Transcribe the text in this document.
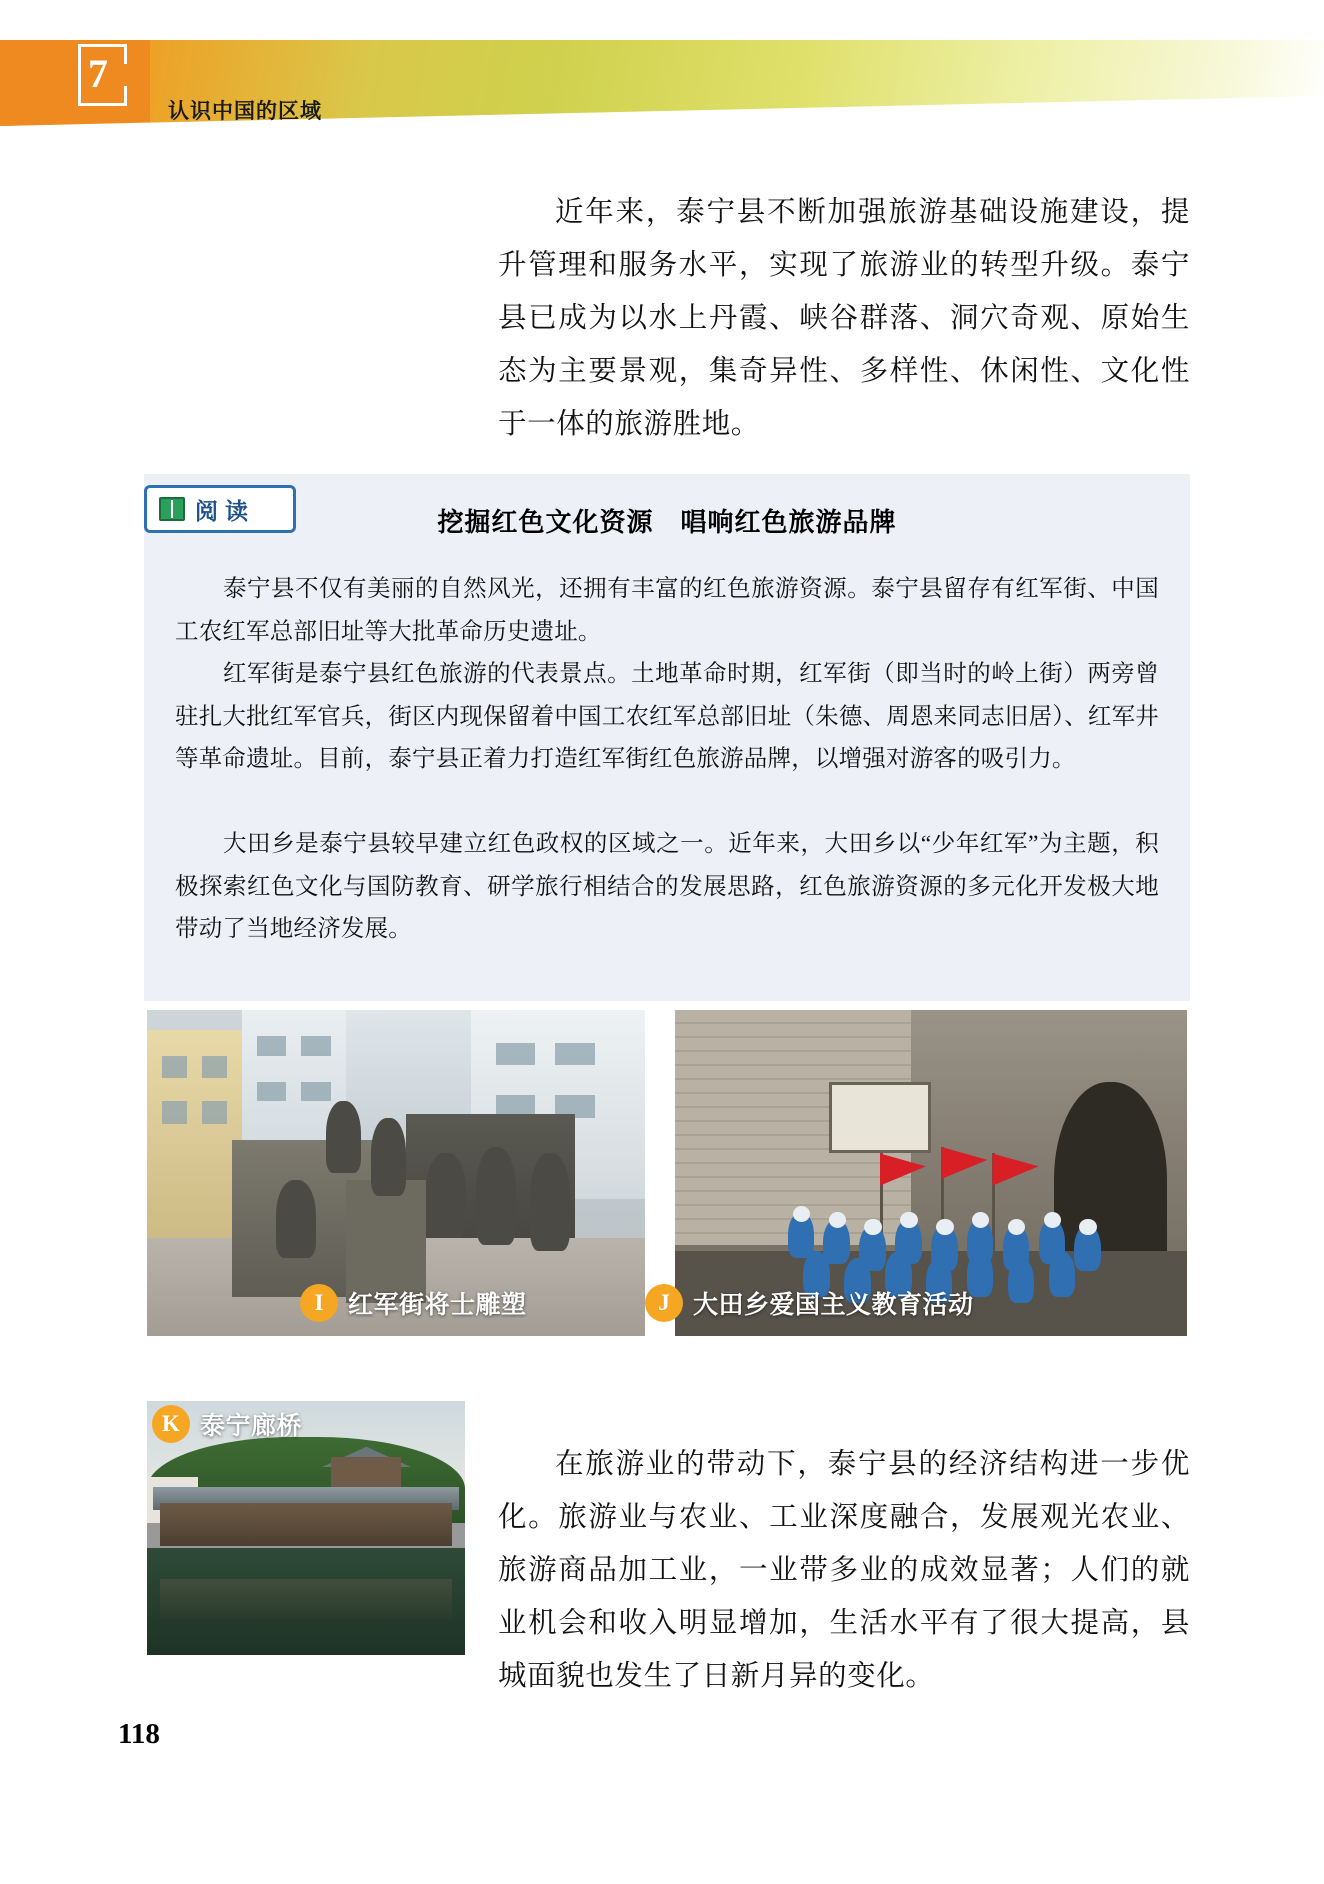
7
认识中国的区域
近年来，泰宁县不断加强旅游基础设施建设，提升管理和服务水平，实现了旅游业的转型升级。泰宁县已成为以水上丹霞、峡谷群落、洞穴奇观、原始生态为主要景观，集奇异性、多样性、休闲性、文化性于一体的旅游胜地。
阅读	挖掘红色文化资源　唱响红色旅游品牌
泰宁县不仅有美丽的自然风光，还拥有丰富的红色旅游资源。泰宁县留存有红军街、中国工农红军总部旧址等大批革命历史遗址。
红军街是泰宁县红色旅游的代表景点。土地革命时期，红军街（即当时的岭上街）两旁曾驻扎大批红军官兵，街区内现保留着中国工农红军总部旧址（朱德、周恩来同志旧居）、红军井等革命遗址。目前，泰宁县正着力打造红军街红色旅游品牌，以增强对游客的吸引力。
大田乡是泰宁县较早建立红色政权的区域之一。近年来，大田乡以“少年红军”为主题，积极探索红色文化与国防教育、研学旅行相结合的发展思路，红色旅游资源的多元化开发极大地带动了当地经济发展。
I 红军街将士雕塑	J 大田乡爱国主义教育活动
K 泰宁廊桥
在旅游业的带动下，泰宁县的经济结构进一步优化。旅游业与农业、工业深度融合，发展观光农业、旅游商品加工业，一业带多业的成效显著；人们的就业机会和收入明显增加，生活水平有了很大提高，县城面貌也发生了日新月异的变化。
118
